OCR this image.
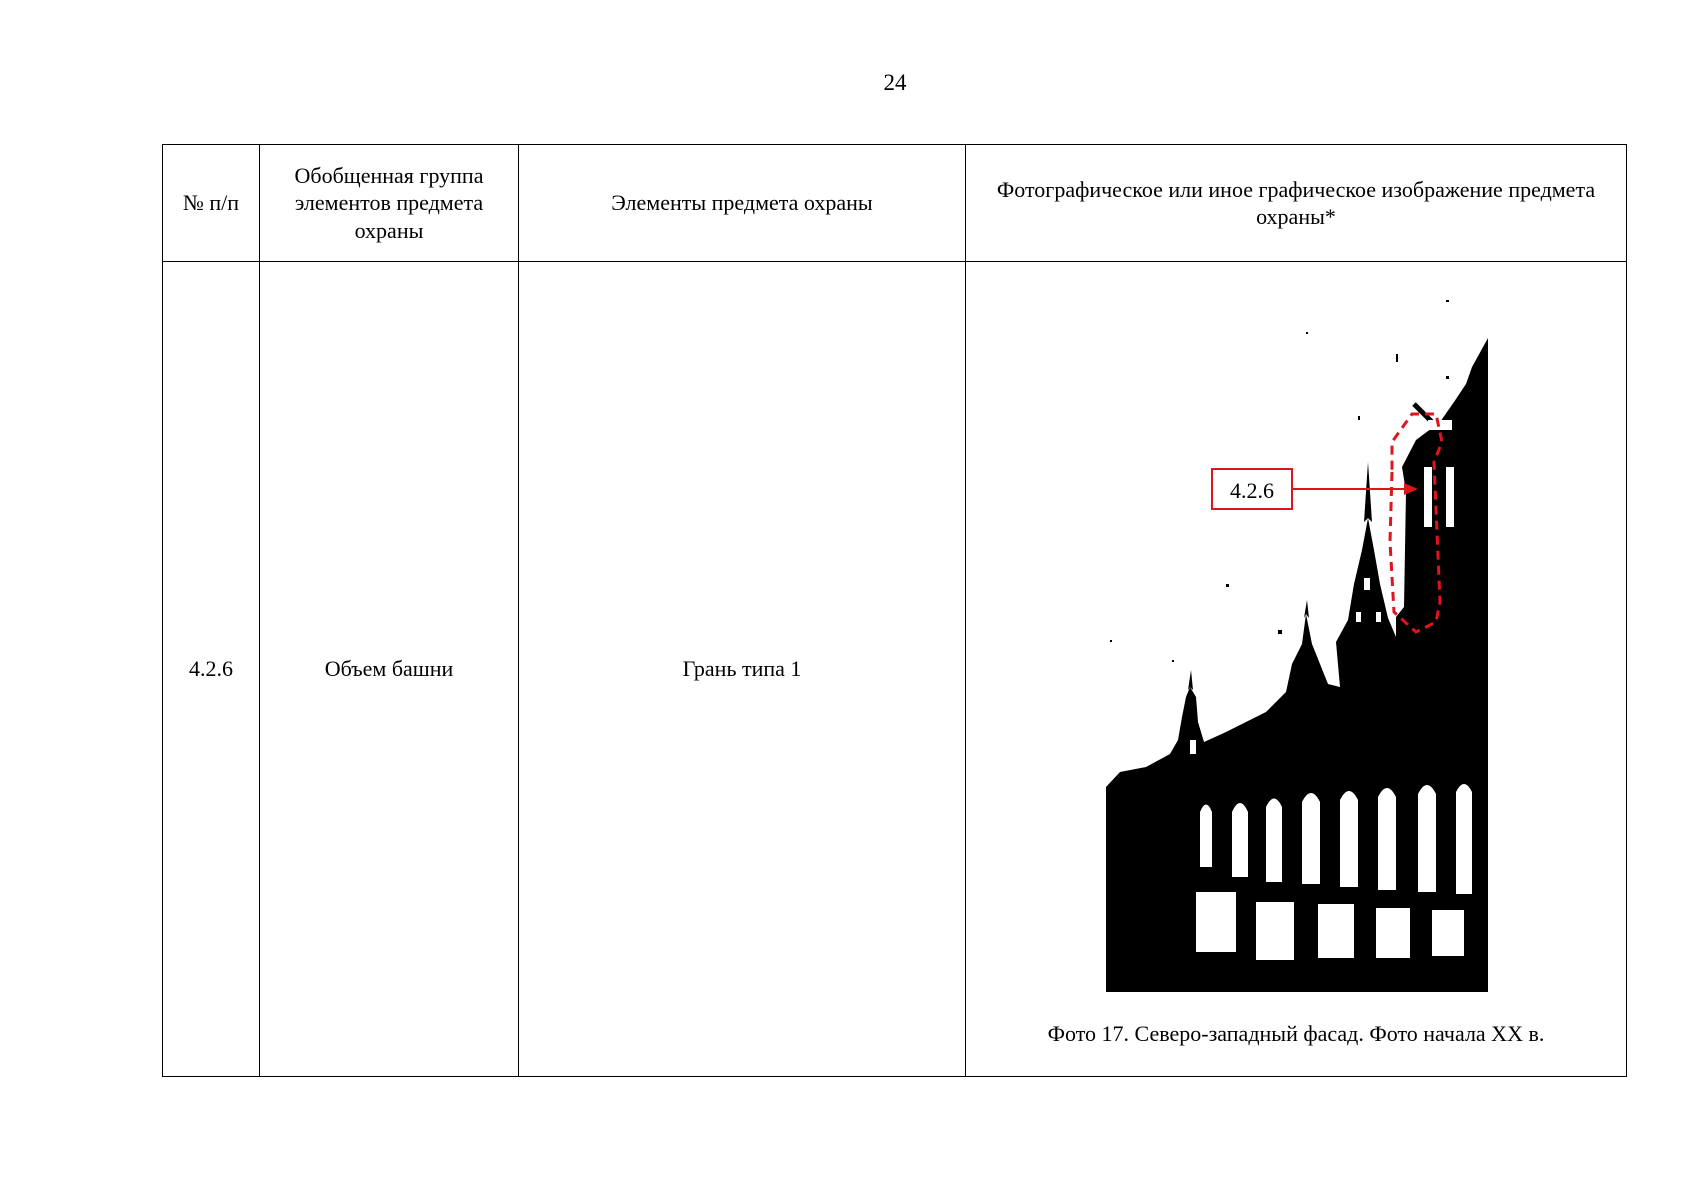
24
№ п/п	Обобщенная группа элементов предмета охраны	Элементы предмета охраны	Фотографическое или иное графическое изображение предмета охраны*
4.2.6	Объем башни	Грань типа 1	4.2.6
Фото 17. Северо-западный фасад. Фото начала XX в.
